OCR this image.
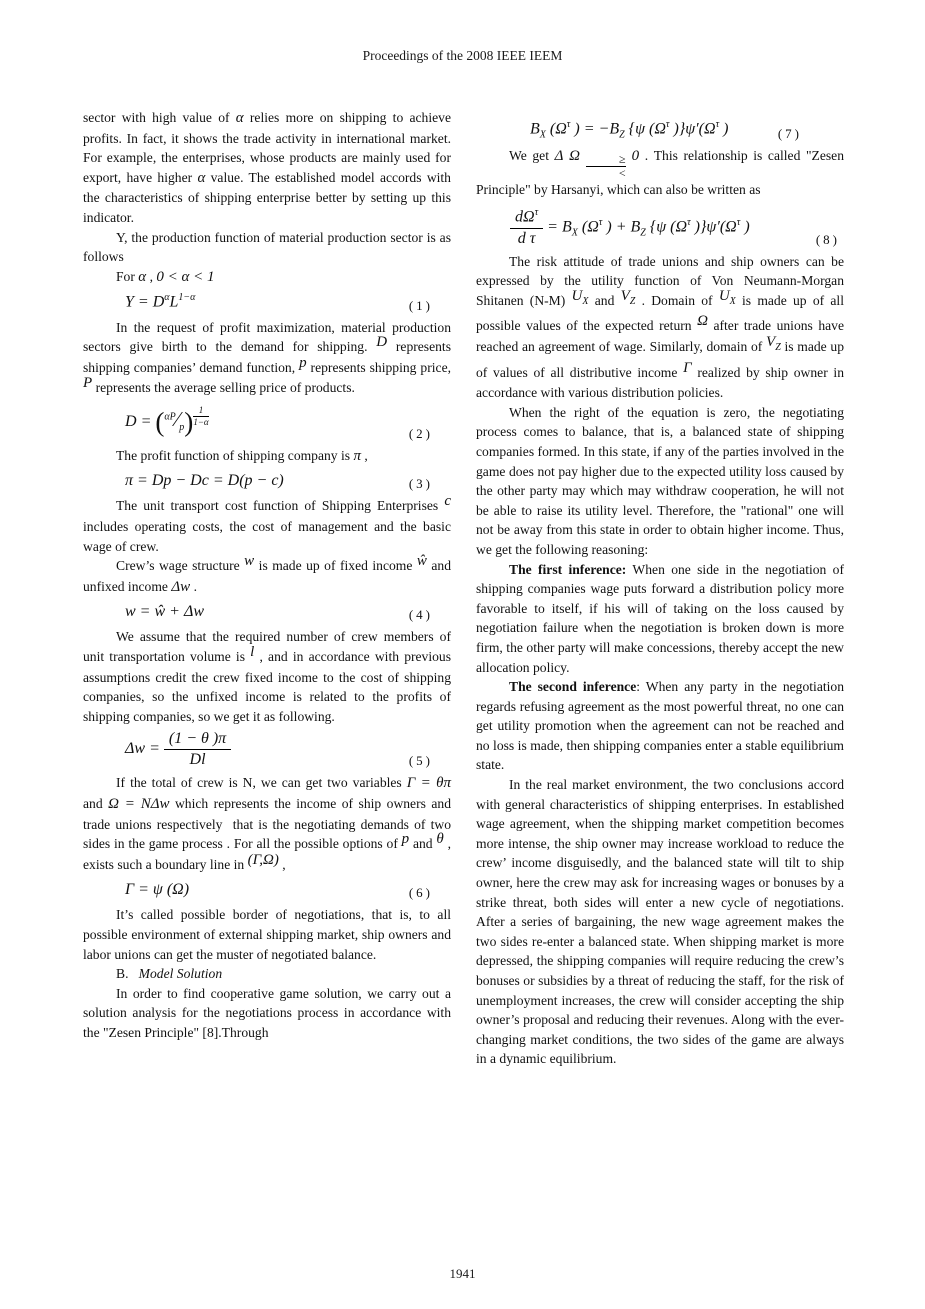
Proceedings of the 2008 IEEE IEEM

sector with high value of α relies more on shipping to achieve profits. In fact, it shows the trade activity in international market. For example, the enterprises, whose products are mainly used for export, have higher α value. The established model accords with the characteristics of shipping enterprise better by setting up this indicator.

Y, the production function of material production sector is as follows

For α , 0 < α < 1

$Y = D^\alpha L^{1-\alpha}$	(1)

In the request of profit maximization, material production sectors give birth to the demand for shipping. D represents shipping companies’ demand function, p represents shipping price, P represents the average selling price of products.

$D = (^{\alpha P}⁄_p) \frac{1}{1-\alpha}$
(2)

The profit function of shipping company is π ,

π = Dp − Dc = D(p − c)	(3)

The unit transport cost function of Shipping Enterprises c includes operating costs, the cost of management and the basic wage of crew.

Crew’s wage structure w is made up of fixed income ŵ and unfixed income Δw .

w = ŵ + Δw	(4)

We assume that the required number of crew members of unit transportation volume is l , and in accordance with previous assumptions credit the crew fixed income to the cost of shipping companies, so the unfixed income is related to the profits of shipping companies, so we get it as following.

$\Delta w = \frac{(1 - \theta )\pi}{Dl}$	(5)

If the total of crew is N, we can get two variables Γ = θπ and Ω = NΔw which represents the income of ship owners and trade unions respectively  that is the negotiating demands of two sides in the game process . For all the possible options of p and θ , exists such a boundary line in (Γ,Ω) ,

Γ = ψ (Ω)	(6)

It’s called possible border of negotiations, that is, to all possible environment of external shipping market, ship owners and labor unions can get the muster of negotiated balance.

B.   Model Solution

In order to find cooperative game solution, we carry out a solution analysis for the negotiations process in accordance with the "Zesen Principle" [8].Through

$B_X$ ($\Omega^\tau$ ) = $-B_Z$ {ψ ($\Omega^\tau$ )}$\psi'(\Omega^\tau$ )	(7)

We get Δ Ω	≥
<
0 . This relationship is called "Zesen Principle" by Harsanyi, which can also be written as

$\frac{d\Omega^\tau}{\text{d τ}} = B_X$ ($\Omega^\tau$ ) + $B_Z$ {ψ ($\Omega^\tau$ )}$\psi'(\Omega^\tau$ )
(8)

The risk attitude of trade unions and ship owners can be expressed by the utility function of Von Neumann-Morgan Shitanen (N-M) $U_X$ and $V_Z$ . Domain of $U_X$ is made up of all possible values of the expected return Ω after trade unions have reached an agreement of wage. Similarly, domain of $V_Z$ is made up of values of all distributive income Γ realized by ship owner in accordance with various distribution policies.

When the right of the equation is zero, the negotiating process comes to balance, that is, a balanced state of shipping companies formed. In this state, if any of the parties involved in the game does not pay higher due to the expected utility loss caused by the other party may which may withdraw cooperation, he will not be able to raise its utility level. Therefore, the "rational" one will not be away from this state in order to obtain higher income. Thus, we get the following reasoning:

The first inference: When one side in the negotiation of shipping companies wage puts forward a distribution policy more favorable to itself, if his will of taking on the loss caused by negotiation failure when the negotiation is broken down is more firm, the other party will make concessions, thereby accept the new allocation policy.

The second inference: When any party in the negotiation regards refusing agreement as the most powerful threat, no one can get utility promotion when the agreement can not be reached and no loss is made, then shipping companies enter a stable equilibrium state.

In the real market environment, the two conclusions accord with general characteristics of shipping enterprises. In established wage agreement, when the shipping market competition becomes more intense, the ship owner may increase workload to reduce the crew’ income disguisedly, and the balanced state will tilt to ship owner, here the crew may ask for increasing wages or bonuses by a strike threat, both sides will enter a new cycle of negotiations. After a series of bargaining, the new wage agreement makes the two sides re-enter a balanced state. When shipping market is more depressed, the shipping companies will require reducing the crew’s bonuses or subsidies by a threat of reducing the staff, for the risk of unemployment increases, the crew will consider accepting the ship owner’s proposal and reducing their revenues. Along with the ever-changing market conditions, the two sides of the game are always in a dynamic equilibrium.

1941
